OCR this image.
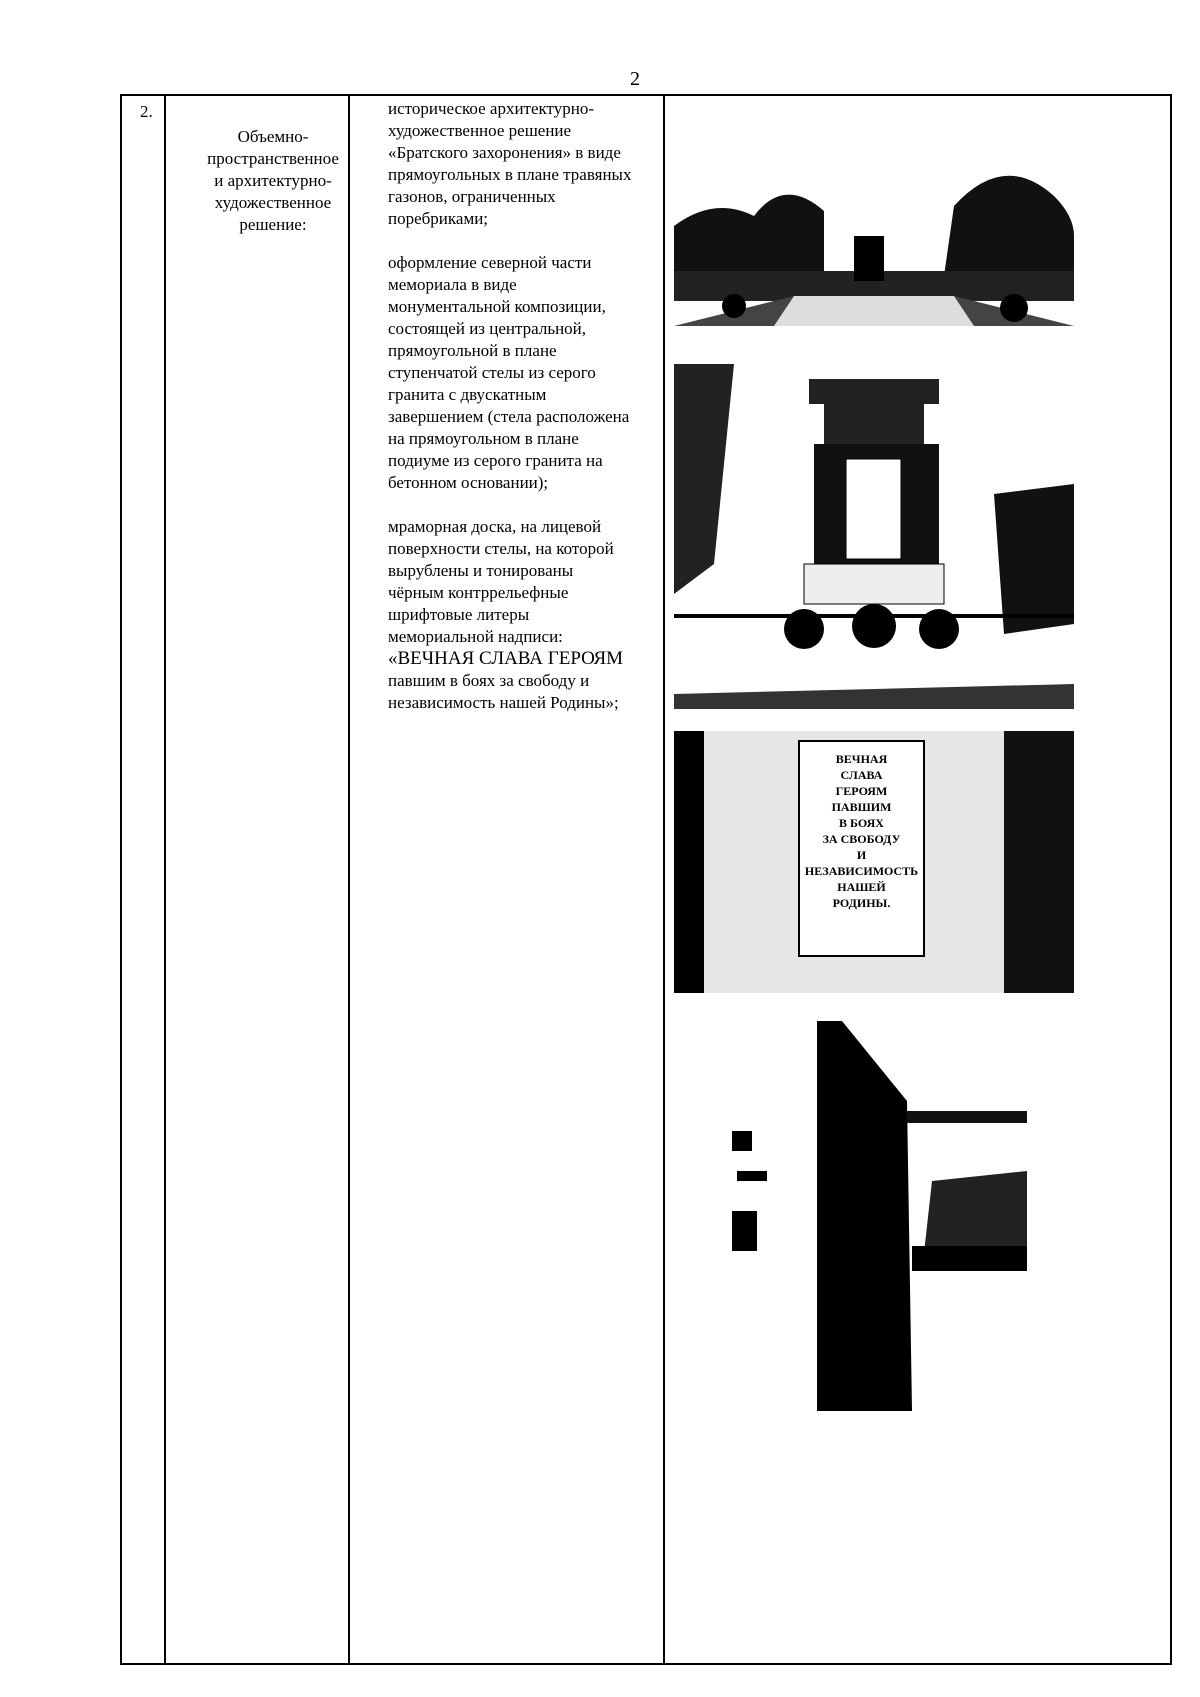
2
2.
Объемно-
пространственное
и архитектурно-
художественное
решение:

историческое архитектурно-
художественное решение
«Братского захоронения» в виде
прямоугольных в плане травяных
газонов, ограниченных
поребриками;

оформление северной части
мемориала в виде
монументальной композиции,
состоящей из центральной,
прямоугольной в плане
ступенчатой стелы из серого
гранита с двускатным
завершением (стела расположена
на прямоугольном в плане
подиуме из серого гранита на
бетонном основании);

мраморная доска, на лицевой
поверхности стелы, на которой
вырублены и тонированы
чёрным контррельефные
шрифтовые литеры
мемориальной надписи:

«ВЕЧНАЯ СЛАВА ГЕРОЯМ
павшим в боях за свободу и
независимость нашей Родины»;
ВЕЧНАЯ
СЛАВА
ГЕРОЯМ
ПАВШИМ
В БОЯХ
ЗА СВОБОДУ
И
НЕЗАВИСИМОСТЬ
НАШЕЙ
РОДИНЫ.
